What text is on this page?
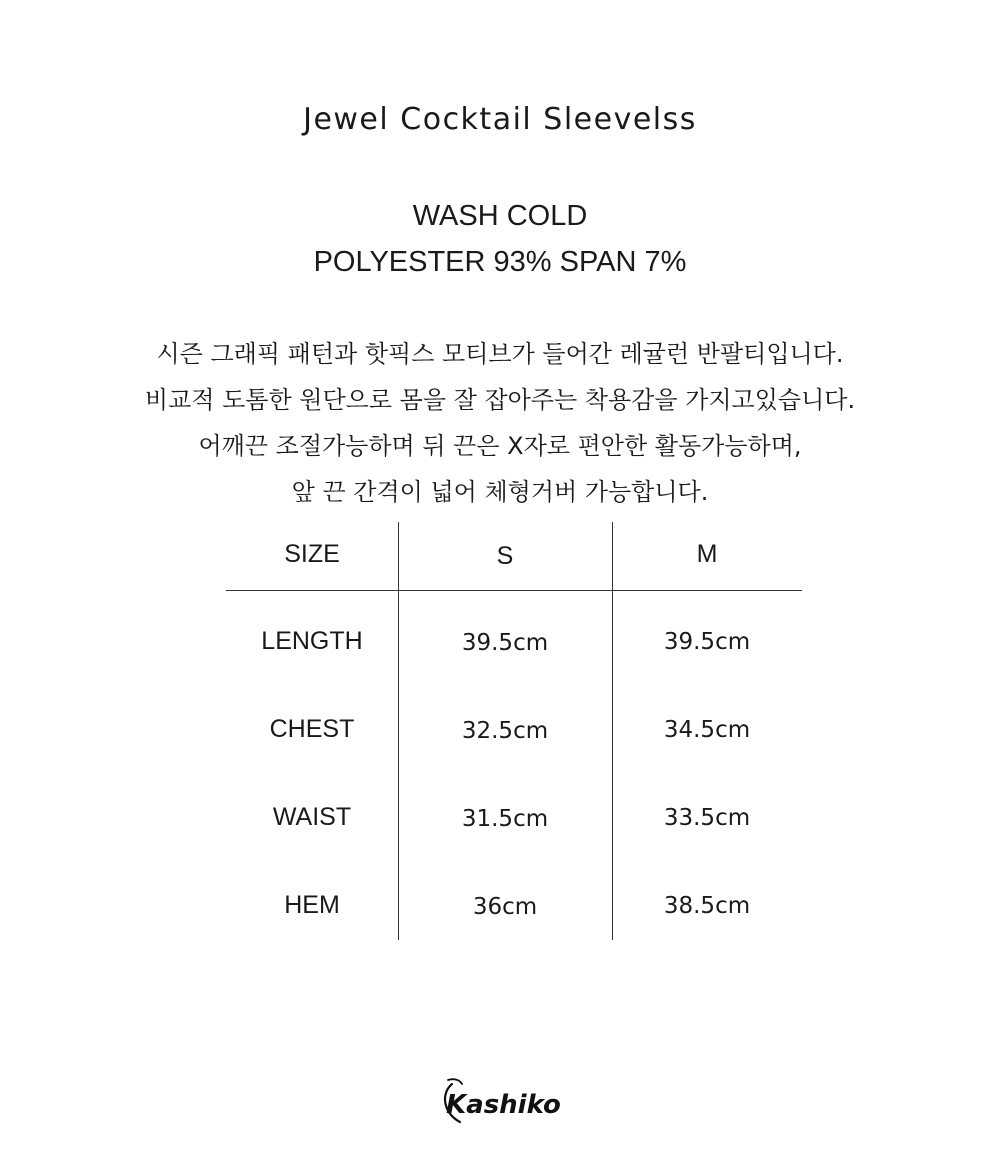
Jewel Cocktail Sleevelss
WASH COLD
POLYESTER 93% SPAN 7%
시즌 그래픽 패턴과 핫픽스 모티브가 들어간 레귤런 반팔티입니다.
비교적 도톰한 원단으로 몸을 잘 잡아주는 착용감을 가지고있습니다.
어깨끈 조절가능하며 뒤 끈은 X자로 편안한 활동가능하며,
앞 끈 간격이 넓어 체형거버 가능합니다.
SIZE	S	M
LENGTH	39.5cm	39.5cm
CHEST	32.5cm	34.5cm
WAIST	31.5cm	33.5cm
HEM	36cm	38.5cm
Kashiko
